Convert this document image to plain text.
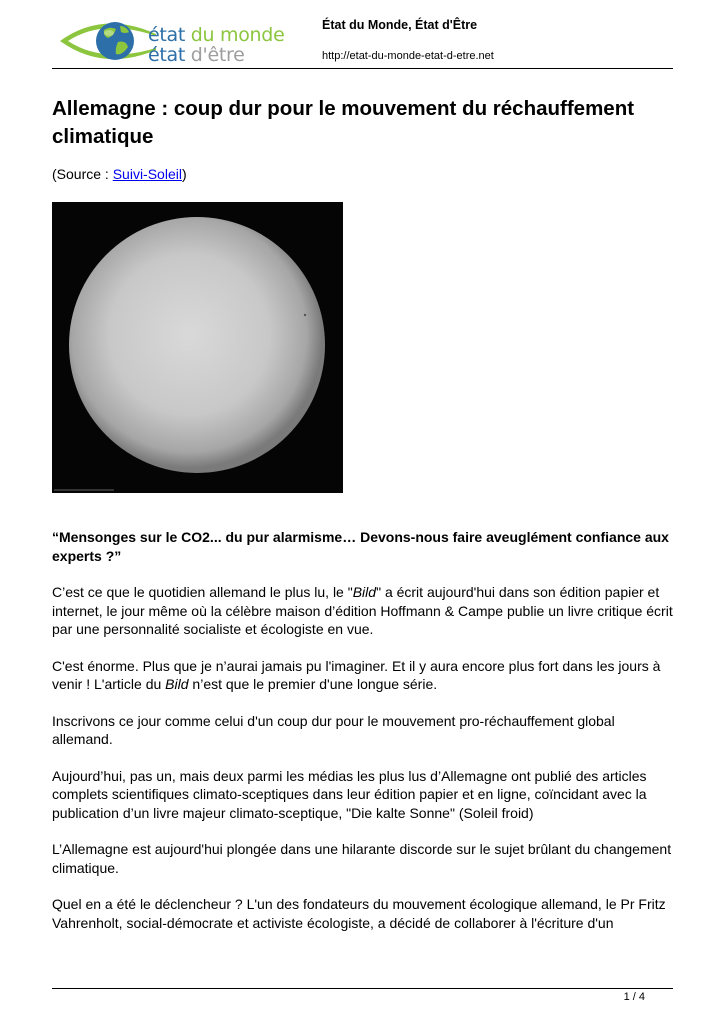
état du monde
état d'être
État du Monde, État d'Être
http://etat-du-monde-etat-d-etre.net
Allemagne : coup dur pour le mouvement du réchauffement climatique
(Source : Suivi-Soleil)

“Mensonges sur le CO2... du pur alarmisme… Devons-nous faire aveuglément confiance aux experts ?”

C’est ce que le quotidien allemand le plus lu, le "Bild" a écrit aujourd'hui dans son édition papier et internet, le jour même où la célèbre maison d’édition Hoffmann & Campe publie un livre critique écrit par une personnalité socialiste et écologiste en vue.

C'est énorme. Plus que je n’aurai jamais pu l'imaginer. Et il y aura encore plus fort dans les jours à venir ! L'article du Bild n’est que le premier d'une longue série.

Inscrivons ce jour comme celui d'un coup dur pour le mouvement pro-réchauffement global allemand.

Aujourd’hui, pas un, mais deux parmi les médias les plus lus d’Allemagne ont publié des articles complets scientifiques climato-sceptiques dans leur édition papier et en ligne, coïncidant avec la publication d’un livre majeur climato-sceptique, "Die kalte Sonne" (Soleil froid)

L’Allemagne est aujourd'hui plongée dans une hilarante discorde sur le sujet brûlant du changement climatique.

Quel en a été le déclencheur ? L'un des fondateurs du mouvement écologique allemand, le Pr Fritz Vahrenholt, social-démocrate et activiste écologiste, a décidé de collaborer à l'écriture d'un

1 / 4
